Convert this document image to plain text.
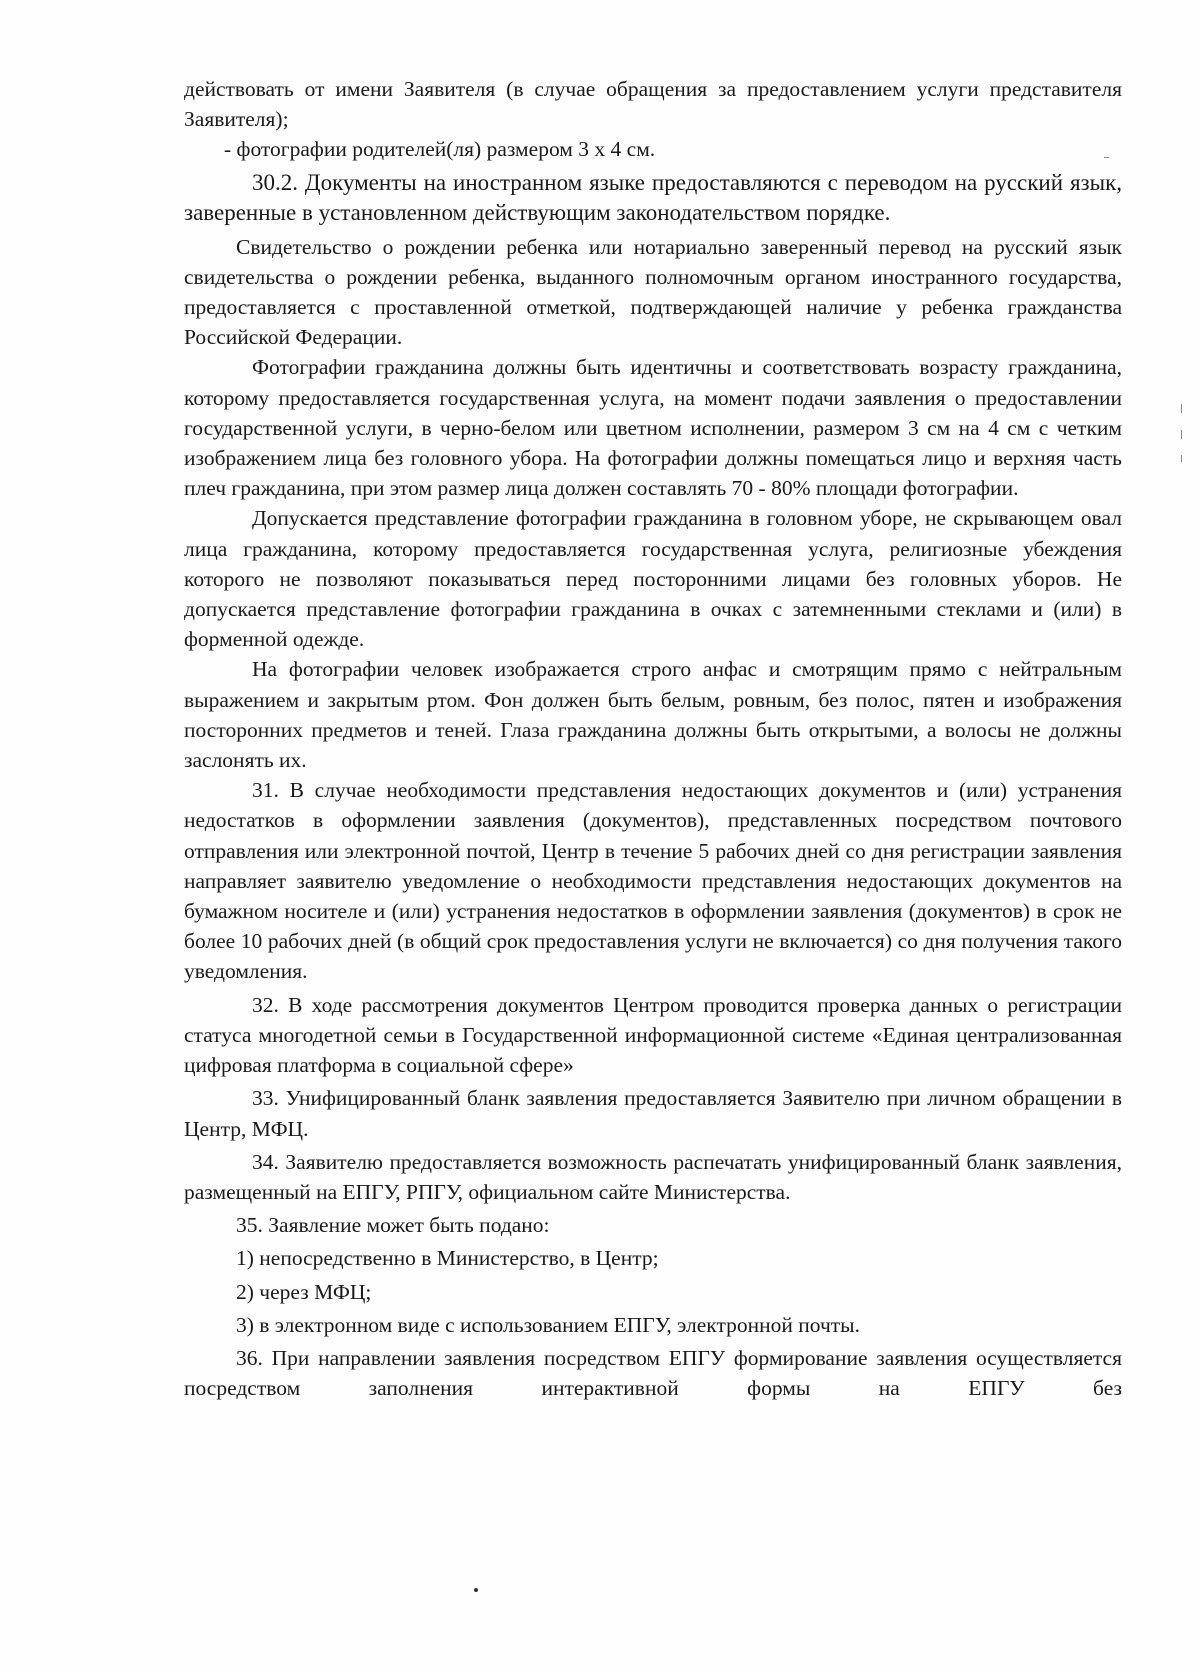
действовать от имени Заявителя (в случае обращения за предоставлением услуги представителя Заявителя);

- фотографии родителей(ля) размером 3 х 4 см.

30.2. Документы на иностранном языке предоставляются с переводом на русский язык, заверенные в установленном действующим законодательством порядке.

Свидетельство о рождении ребенка или нотариально заверенный перевод на русский язык свидетельства о рождении ребенка, выданного полномочным органом иностранного государства, предоставляется с проставленной отметкой, подтверждающей наличие у ребенка гражданства Российской Федерации.

Фотографии гражданина должны быть идентичны и соответствовать возрасту гражданина, которому предоставляется государственная услуга, на момент подачи заявления о предоставлении государственной услуги, в черно-белом или цветном исполнении, размером 3 см на 4 см с четким изображением лица без головного убора. На фотографии должны помещаться лицо и верхняя часть плеч гражданина, при этом размер лица должен составлять 70 - 80% площади фотографии.

Допускается представление фотографии гражданина в головном уборе, не скрывающем овал лица гражданина, которому предоставляется государственная услуга, религиозные убеждения которого не позволяют показываться перед посторонними лицами без головных уборов. Не допускается представление фотографии гражданина в очках с затемненными стеклами и (или) в форменной одежде.

На фотографии человек изображается строго анфас и смотрящим прямо с нейтральным выражением и закрытым ртом. Фон должен быть белым, ровным, без полос, пятен и изображения посторонних предметов и теней. Глаза гражданина должны быть открытыми, а волосы не должны заслонять их.

31. В случае необходимости представления недостающих документов и (или) устранения недостатков в оформлении заявления (документов), представленных посредством почтового отправления или электронной почтой, Центр в течение 5 рабочих дней со дня регистрации заявления направляет заявителю уведомление о необходимости представления недостающих документов на бумажном носителе и (или) устранения недостатков в оформлении заявления (документов) в срок не более 10 рабочих дней (в общий срок предоставления услуги не включается) со дня получения такого уведомления.

32. В ходе рассмотрения документов Центром проводится проверка данных о регистрации статуса многодетной семьи в Государственной информационной системе «Единая централизованная цифровая платформа в социальной сфере»

33. Унифицированный бланк заявления предоставляется Заявителю при личном обращении в Центр, МФЦ.

34. Заявителю предоставляется возможность распечатать унифицированный бланк заявления, размещенный на ЕПГУ, РПГУ, официальном сайте Министерства.

35. Заявление может быть подано:

1) непосредственно в Министерство, в Центр;

2) через МФЦ;

3) в электронном виде с использованием ЕПГУ, электронной почты.

36. При направлении заявления посредством ЕПГУ формирование заявления осуществляется посредством заполнения интерактивной формы на ЕПГУ без
